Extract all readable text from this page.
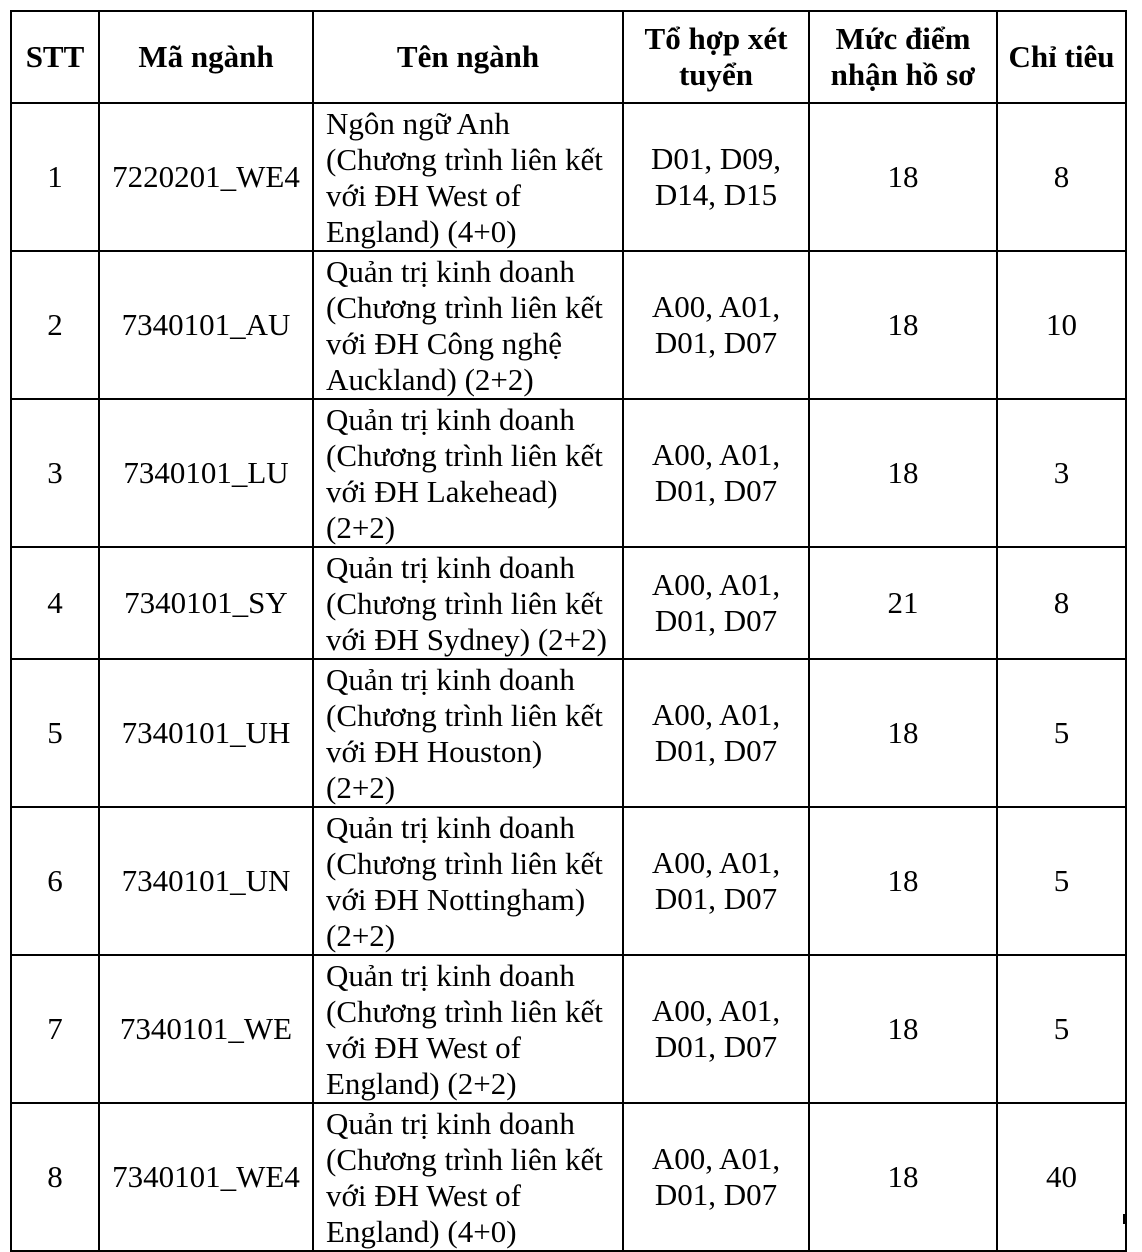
STT	Mã ngành	Tên ngành	Tổ hợp xét
tuyển	Mức điểm
nhận hồ sơ	Chỉ tiêu
1	7220201_WE4	Ngôn ngữ Anh
(Chương trình liên kết
với ĐH West of
England) (4+0)	D01, D09,
D14, D15	18	8
2	7340101_AU	Quản trị kinh doanh
(Chương trình liên kết
với ĐH Công nghệ
Auckland) (2+2)	A00, A01,
D01, D07	18	10
3	7340101_LU	Quản trị kinh doanh
(Chương trình liên kết
với ĐH Lakehead)
(2+2)	A00, A01,
D01, D07	18	3
4	7340101_SY	Quản trị kinh doanh
(Chương trình liên kết
với ĐH Sydney) (2+2)	A00, A01,
D01, D07	21	8
5	7340101_UH	Quản trị kinh doanh
(Chương trình liên kết
với ĐH Houston)
(2+2)	A00, A01,
D01, D07	18	5
6	7340101_UN	Quản trị kinh doanh
(Chương trình liên kết
với ĐH Nottingham)
(2+2)	A00, A01,
D01, D07	18	5
7	7340101_WE	Quản trị kinh doanh
(Chương trình liên kết
với ĐH West of
England) (2+2)	A00, A01,
D01, D07	18	5
8	7340101_WE4	Quản trị kinh doanh
(Chương trình liên kết
với ĐH West of
England) (4+0)	A00, A01,
D01, D07	18	40
